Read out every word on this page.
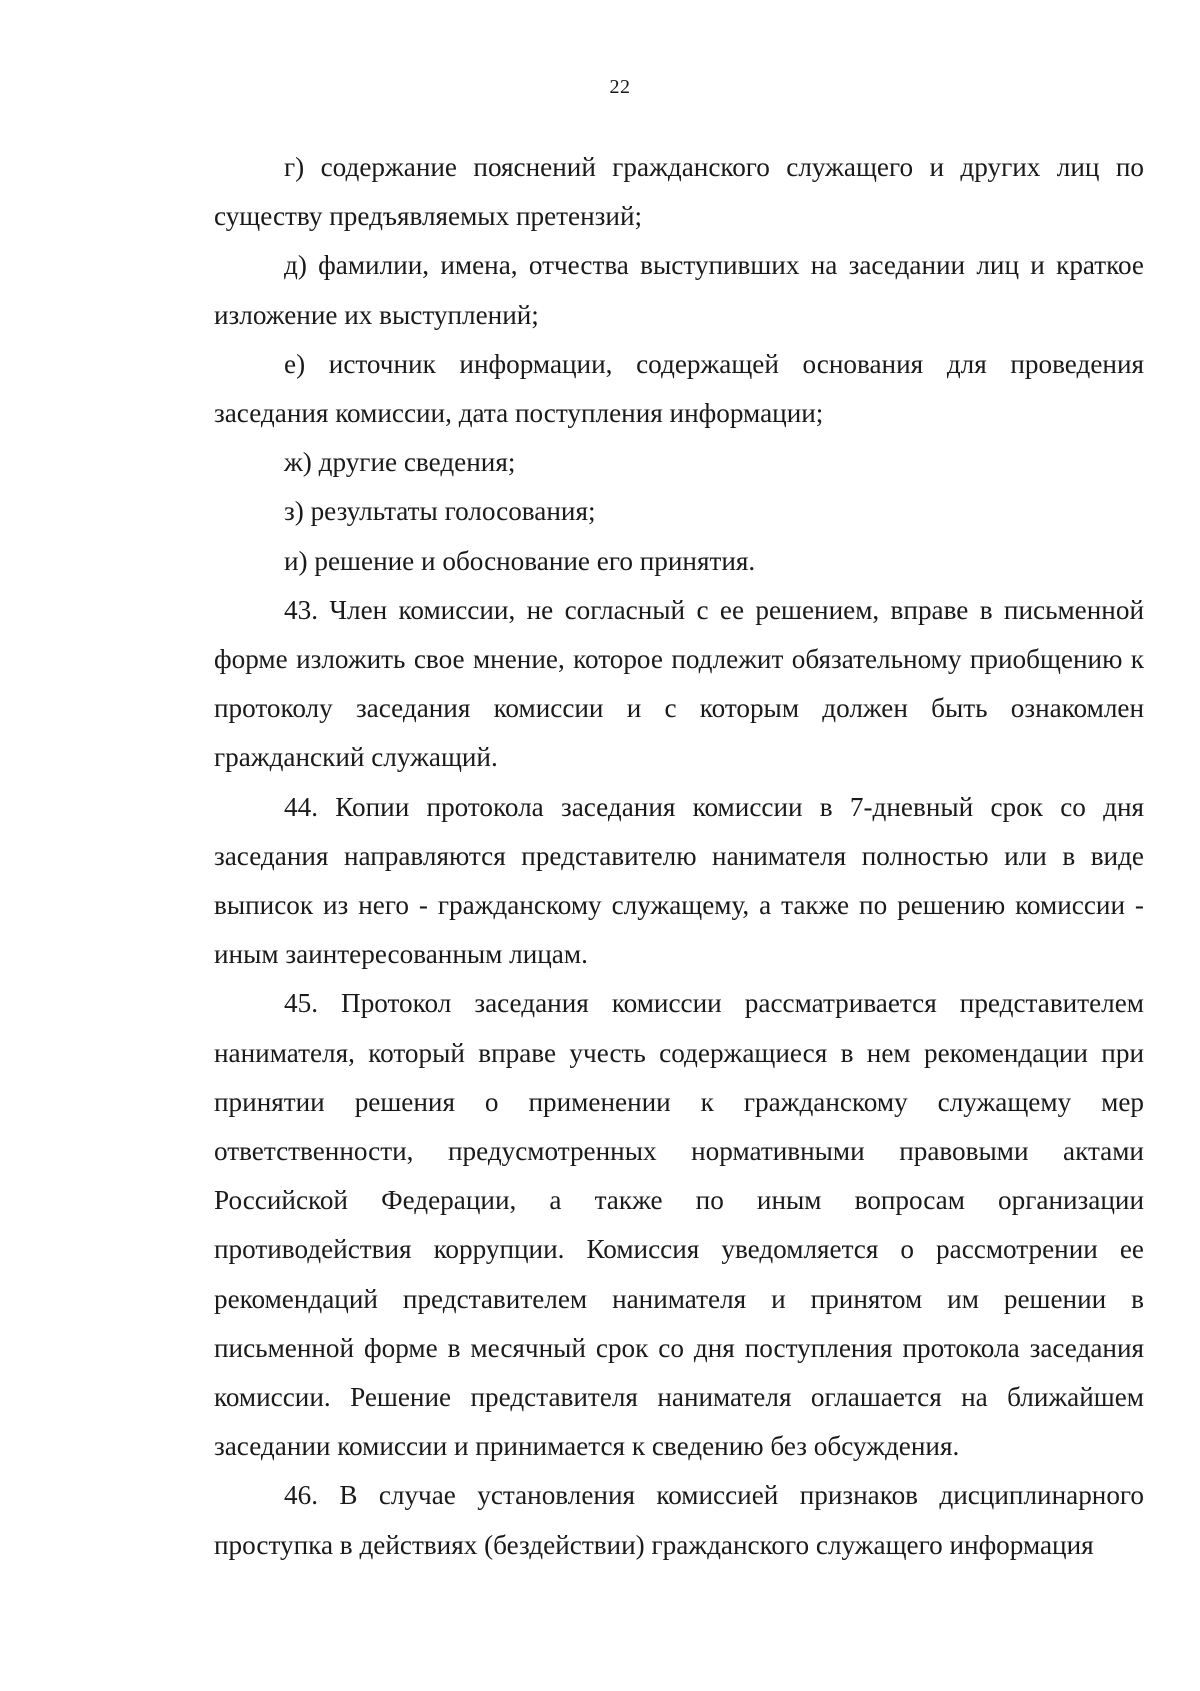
22

г) содержание пояснений гражданского служащего и других лиц по существу предъявляемых претензий;

д) фамилии, имена, отчества выступивших на заседании лиц и краткое изложение их выступлений;

е) источник информации, содержащей основания для проведения заседания комиссии, дата поступления информации;

ж) другие сведения;

з) результаты голосования;

и) решение и обоснование его принятия.

43. Член комиссии, не согласный с ее решением, вправе в письменной форме изложить свое мнение, которое подлежит обязательному приобщению к протоколу заседания комиссии и с которым должен быть ознакомлен гражданский служащий.

44. Копии протокола заседания комиссии в 7-дневный срок со дня заседания направляются представителю нанимателя полностью или в виде выписок из него - гражданскому служащему, а также по решению комиссии - иным заинтересованным лицам.

45. Протокол заседания комиссии рассматривается представителем нанимателя, который вправе учесть содержащиеся в нем рекомендации при принятии решения о применении к гражданскому служащему мер ответственности, предусмотренных нормативными правовыми актами Российской Федерации, а также по иным вопросам организации противодействия коррупции. Комиссия уведомляется о рассмотрении ее рекомендаций представителем нанимателя и принятом им решении в письменной форме в месячный срок со дня поступления протокола заседания комиссии. Решение представителя нанимателя оглашается на ближайшем заседании комиссии и принимается к сведению без обсуждения.

46. В случае установления комиссией признаков дисциплинарного проступка в действиях (бездействии) гражданского служащего информация
